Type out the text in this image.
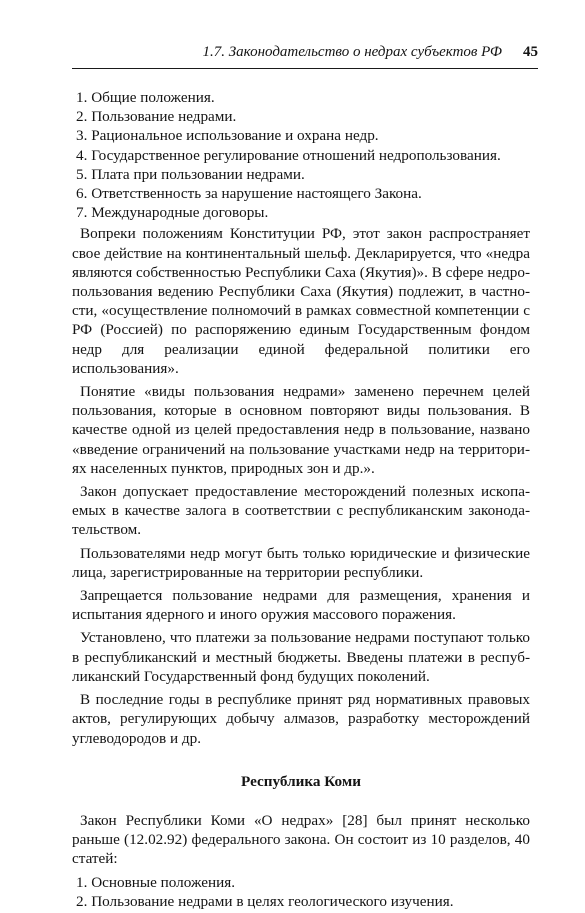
1.7. Законодательство о недрах субъектов РФ 45
1. Общие положения.
2. Пользование недрами.
3. Рациональное использование и охрана недр.
4. Государственное регулирование отношений недропользования.
5. Плата при пользовании недрами.
6. Ответственность за нарушение настоящего Закона.
7. Международные договоры.

Вопреки положениям Конституции РФ, этот закон распространяет свое действие на континентальный шельф. Декларируется, что «недра являются собственностью Республики Саха (Якутия)». В сфере недропользования ведению Республики Саха (Якутия) подлежит, в частности, «осуществление полномочий в рамках совместной компетенции с РФ (Россией) по распоряжению единым Государственным фондом недр для реализации единой федеральной политики его использования».

Понятие «виды пользования недрами» заменено перечнем целей пользования, которые в основном повторяют виды пользования. В качестве одной из целей предоставления недр в пользование, названо «введение ограничений на пользование участками недр на территориях населенных пунктов, природных зон и др.».

Закон допускает предоставление месторождений полезных ископаемых в качестве залога в соответствии с республиканским законодательством.

Пользователями недр могут быть только юридические и физические лица, зарегистрированные на территории республики.

Запрещается пользование недрами для размещения, хранения и испытания ядерного и иного оружия массового поражения.

Установлено, что платежи за пользование недрами поступают только в республиканский и местный бюджеты. Введены платежи в республиканский Государственный фонд будущих поколений.

В последние годы в республике принят ряд нормативных правовых актов, регулирующих добычу алмазов, разработку месторождений углеводородов и др.

Республика Коми

Закон Республики Коми «О недрах» [28] был принят несколько раньше (12.02.92) федерального закона. Он состоит из 10 разделов, 40 статей:

1. Основные положения.
2. Пользование недрами в целях геологического изучения.
